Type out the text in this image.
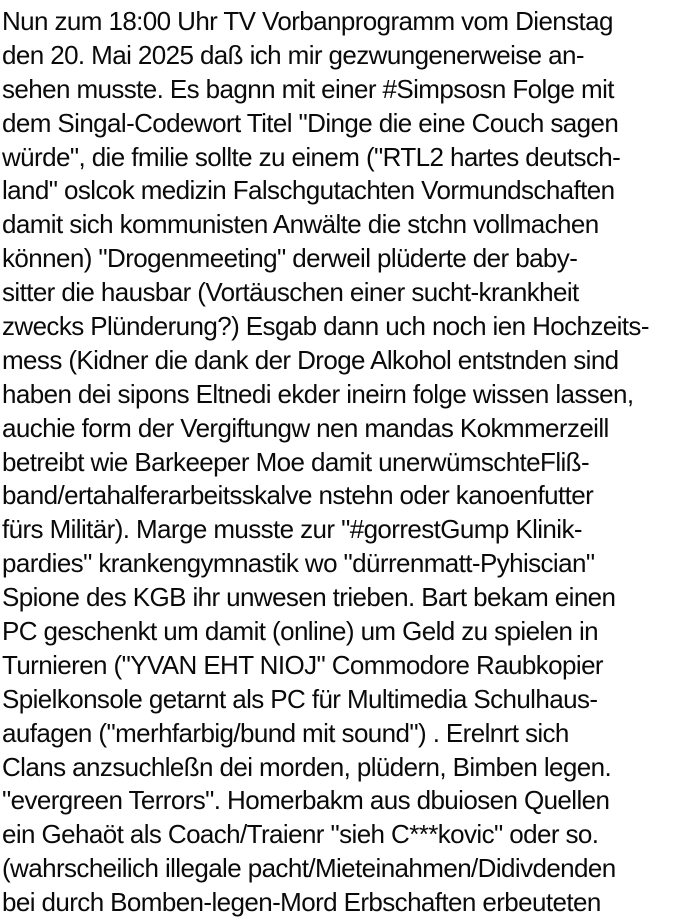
Nun zum 18:00 Uhr TV Vorbanprogramm vom Dienstag
den 20. Mai 2025 daß ich mir gezwungenerweise an-
sehen musste. Es bagnn mit einer #Simpsosn Folge mit
dem Singal-Codewort Titel "Dinge die eine Couch sagen
würde", die fmilie sollte zu einem ("RTL2 hartes deutsch-
land" oslcok medizin Falschgutachten Vormundschaften
damit sich kommunisten Anwälte die stchn vollmachen
können) "Drogenmeeting" derweil plüderte der baby-
sitter die hausbar (Vortäuschen einer sucht-krankheit
zwecks Plünderung?) Esgab dann uch noch ien Hochzeits-
mess (Kidner die dank der Droge Alkohol entstnden sind
haben dei sipons Eltnedi ekder ineirn folge wissen lassen,
auchie form der Vergiftungw nen mandas Kokmmerzeill
betreibt wie Barkeeper Moe damit unerwümschteFliß-
band/ertahalferarbeitsskalve nstehn oder kanoenfutter
fürs Militär). Marge musste zur "#gorrestGump Klinik-
pardies" krankengymnastik wo "dürrenmatt-Pyhiscian"
Spione des KGB ihr unwesen trieben. Bart bekam einen
PC geschenkt um damit (online) um Geld zu spielen in
Turnieren ("YVAN EHT NIOJ" Commodore Raubkopier
Spielkonsole getarnt als PC für Multimedia Schulhaus-
aufagen ("merhfarbig/bund mit sound") . Erelnrt sich
Clans anzsuchleßn dei morden, plüdern, Bimben legen.
"evergreen Terrors". Homerbakm aus dbuiosen Quellen
ein Gehaöt als Coach/Traienr "sieh C***kovic" oder so.
(wahrscheilich illegale pacht/Mieteinahmen/Didivdenden
bei durch Bomben-legen-Mord Erbschaften erbeuteten
